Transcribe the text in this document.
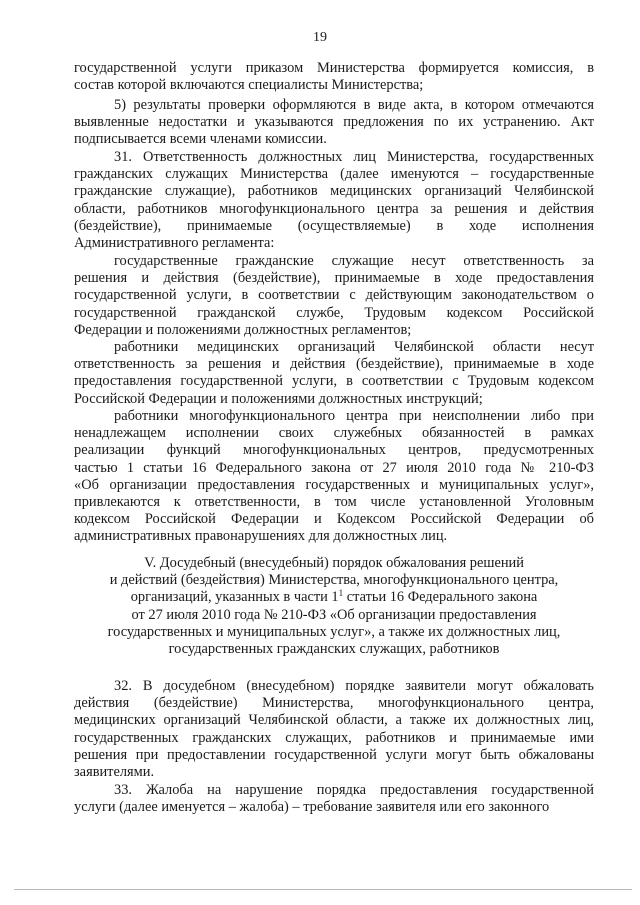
19
государственной услуги приказом Министерства формируется комиссия, в
состав которой включаются специалисты Министерства;
5) результаты проверки оформляются в виде акта, в котором отмечаются
выявленные недостатки и указываются предложения по их устранению. Акт
подписывается всеми членами комиссии.
31. Ответственность должностных лиц Министерства, государственных
гражданских служащих Министерства (далее именуются – государственные
гражданские служащие), работников медицинских организаций Челябинской
области, работников многофункционального центра за решения и действия
(бездействие), принимаемые (осуществляемые) в ходе исполнения
Административного регламента:
государственные гражданские служащие несут ответственность за
решения и действия (бездействие), принимаемые в ходе предоставления
государственной услуги, в соответствии с действующим законодательством о
государственной гражданской службе, Трудовым кодексом Российской
Федерации и положениями должностных регламентов;
работники медицинских организаций Челябинской области несут
ответственность за решения и действия (бездействие), принимаемые в ходе
предоставления государственной услуги, в соответствии с Трудовым кодексом
Российской Федерации и положениями должностных инструкций;
работники многофункционального центра при неисполнении либо при
ненадлежащем исполнении своих служебных обязанностей в рамках
реализации функций многофункциональных центров, предусмотренных
частью 1 статьи 16 Федерального закона от 27 июля 2010 года № 210-ФЗ
«Об организации предоставления государственных и муниципальных услуг»,
привлекаются к ответственности, в том числе установленной Уголовным
кодексом Российской Федерации и Кодексом Российской Федерации об
административных правонарушениях для должностных лиц.
V. Досудебный (внесудебный) порядок обжалования решений
и действий (бездействия) Министерства, многофункционального центра,
организаций, указанных в части $1^1$ статьи 16 Федерального закона
от 27 июля 2010 года № 210-ФЗ «Об организации предоставления
государственных и муниципальных услуг», а также их должностных лиц,
государственных гражданских служащих, работников
32. В досудебном (внесудебном) порядке заявители могут обжаловать
действия (бездействие) Министерства, многофункционального центра,
медицинских организаций Челябинской области, а также их должностных лиц,
государственных гражданских служащих, работников и принимаемые ими
решения при предоставлении государственной услуги могут быть обжалованы
заявителями.
33. Жалоба на нарушение порядка предоставления государственной
услуги (далее именуется – жалоба) – требование заявителя или его законного
